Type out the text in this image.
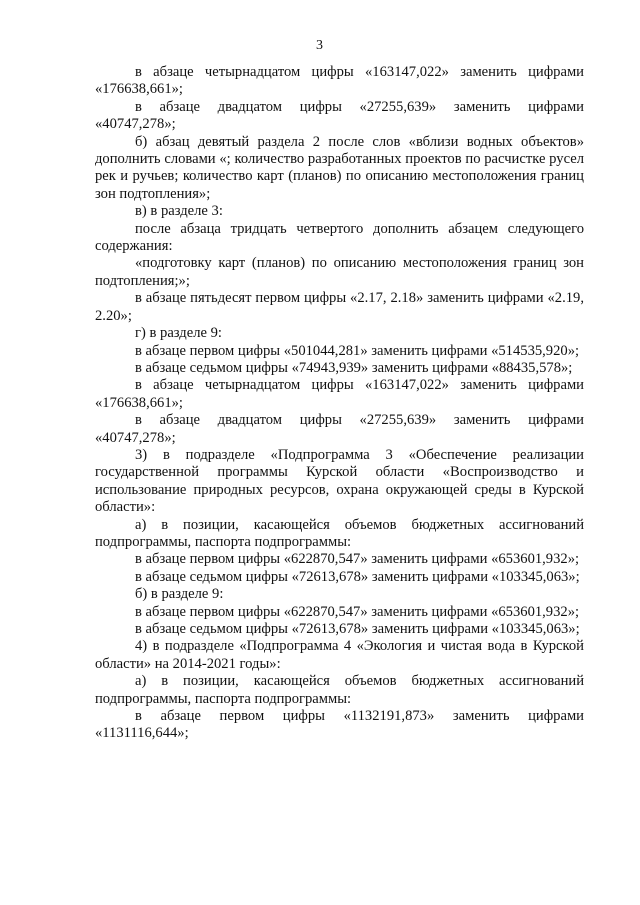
3

в абзаце четырнадцатом цифры «163147,022» заменить цифрами «176638,661»;

в абзаце двадцатом цифры «27255,639» заменить цифрами «40747,278»;

б) абзац девятый раздела 2 после слов «вблизи водных объектов» дополнить словами «; количество разработанных проектов по расчистке русел рек и ручьев; количество карт (планов) по описанию местоположения границ зон подтопления»;

в) в разделе 3:

после абзаца тридцать четвертого дополнить абзацем следующего содержания:

«подготовку карт (планов) по описанию местоположения границ зон подтопления;»;

в абзаце пятьдесят первом цифры «2.17, 2.18» заменить цифрами «2.19, 2.20»;

г) в разделе 9:

в абзаце первом цифры «501044,281» заменить цифрами «514535,920»;

в абзаце седьмом цифры «74943,939» заменить цифрами «88435,578»;

в абзаце четырнадцатом цифры «163147,022» заменить цифрами «176638,661»;

в абзаце двадцатом цифры «27255,639» заменить цифрами «40747,278»;

3) в подразделе «Подпрограмма 3 «Обеспечение реализации государственной программы Курской области «Воспроизводство и использование природных ресурсов, охрана окружающей среды в Курской области»:

а) в позиции, касающейся объемов бюджетных ассигнований подпрограммы, паспорта подпрограммы:

в абзаце первом цифры «622870,547» заменить цифрами «653601,932»;

в абзаце седьмом цифры «72613,678» заменить цифрами «103345,063»;

б) в разделе 9:

в абзаце первом цифры «622870,547» заменить цифрами «653601,932»;

в абзаце седьмом цифры «72613,678» заменить цифрами «103345,063»;

4) в подразделе «Подпрограмма 4 «Экология и чистая вода в Курской области» на 2014-2021 годы»:

а) в позиции, касающейся объемов бюджетных ассигнований подпрограммы, паспорта подпрограммы:

в абзаце первом цифры «1132191,873» заменить цифрами «1131116,644»;
